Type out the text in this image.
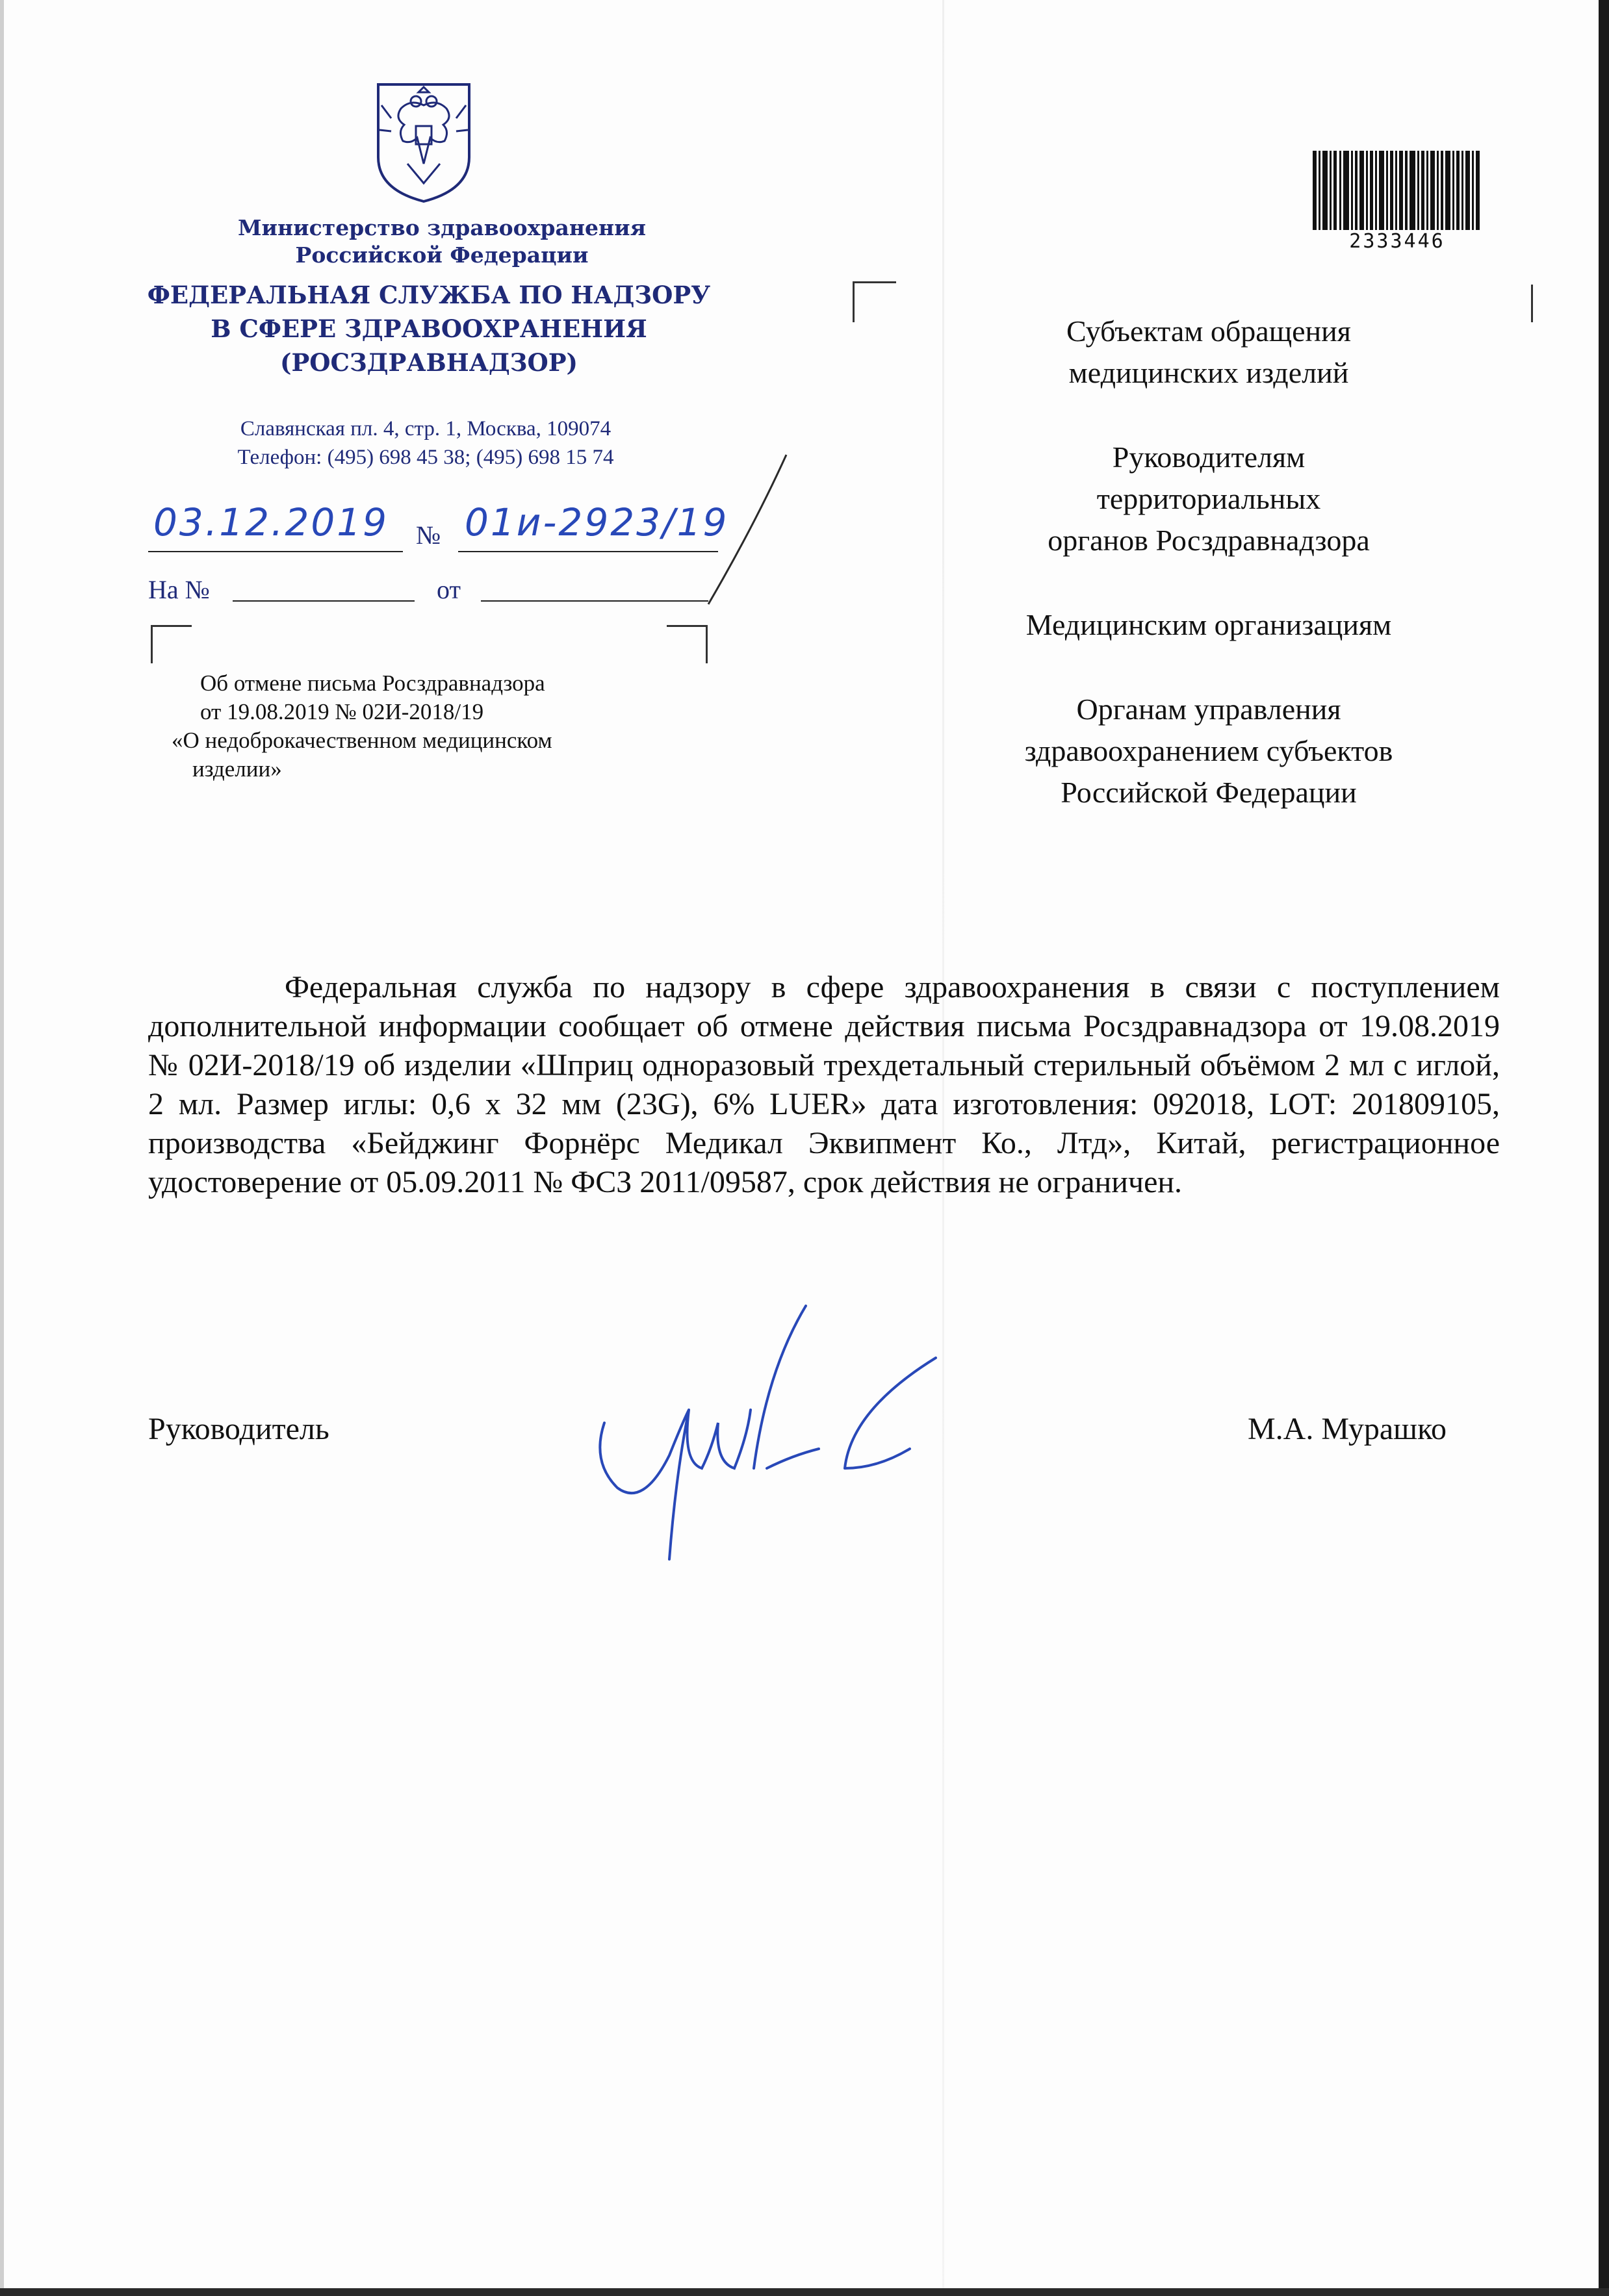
Министерство здравоохранения
Российской Федерации
ФЕДЕРАЛЬНАЯ СЛУЖБА ПО НАДЗОРУ
В СФЕРЕ ЗДРАВООХРАНЕНИЯ
(РОСЗДРАВНАДЗОР)
Славянская пл. 4, стр. 1, Москва, 109074
Телефон: (495) 698 45 38; (495) 698 15 74
03.12.2019 № 01и-2923/19
На №	от
Об отмене письма Росздравнадзора
от 19.08.2019 № 02И-2018/19
«О недоброкачественном медицинском
изделии»
2333446

Субъектам обращения
медицинских изделий

Руководителям
территориальных
органов Росздравнадзора

Медицинским организациям

Органам управления
здравоохранением субъектов
Российской Федерации

Федеральная служба по надзору в сфере здравоохранения в связи с поступлением дополнительной информации сообщает об отмене действия письма Росздравнадзора от 19.08.2019 № 02И-2018/19 об изделии «Шприц одноразовый трехдетальный стерильный объёмом 2 мл с иглой, 2 мл. Размер иглы: 0,6 х 32 мм (23G), 6% LUER» дата изготовления: 092018, LOT: 201809105, производства «Бейджинг Форнёрс Медикал Эквипмент Ко., Лтд», Китай, регистрационное удостоверение от 05.09.2011 № ФСЗ 2011/09587, срок действия не ограничен.
Руководитель	М.А. Мурашко
